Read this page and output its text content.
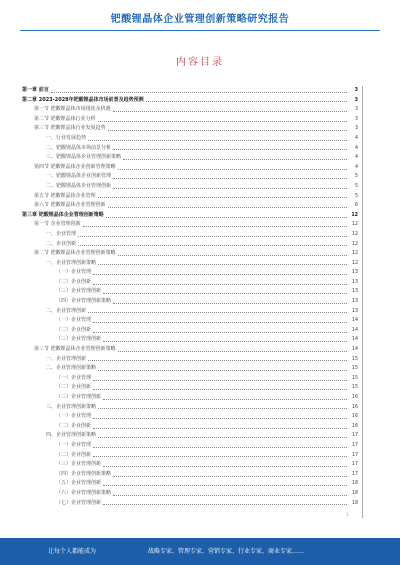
钯酸锂晶体企业管理创新策略研究报告
内容目录
第一章 前言	3
第二章 2023-2028年钯酸锂晶体市场前景及趋势预测	3
第一节 钯酸锂晶体市场现状及机遇	3
第二节 钯酸锂晶体行业分析	3
第三节 钯酸锂晶体行业发展趋势	3
一、行业发展趋势	4
二、钯酸锂晶体市场前景分析	4
三、钯酸锂晶体企业管理创新策略	4
第四节 钯酸锂晶体企业创新管理策略	4
一、钯酸锂晶体企业创新管理	5
二、钯酸锂晶体企业管理创新	5
第五节 钯酸锂晶体企业管理	5
第六节 钯酸锂晶体企业管理创新	6
第三章 钯酸锂晶体企业管理创新策略	12
第一节 企业管理创新	12
一、企业管理	12
二、企业创新	12
第二节 钯酸锂晶体企业管理创新策略	12
一、企业管理创新策略	12
（一）企业管理	13
（二）企业创新	13
（三）企业管理创新	13
（四）企业管理创新策略	13
二、企业管理创新	13
（一）企业管理	14
（二）企业创新	14
（三）企业管理创新	14
第三节 钯酸锂晶体企业管理创新策略	14
一、企业管理创新	15
二、企业管理创新策略	15
（一）企业管理	15
（二）企业创新	15
（三）企业管理创新	16
三、企业管理创新策略	16
（一）企业管理	16
（二）企业创新	16
四、企业管理创新策略	17
（一）企业管理	17
（二）企业创新	17
（三）企业管理创新	17
（四）企业管理创新策略	17
（五）企业管理创新	18
（六）企业管理创新策略	18
（七）企业管理创新	18
1
让每个人都能成为	战略专家、管理专家、营销专家、行业专家、商业专家……
